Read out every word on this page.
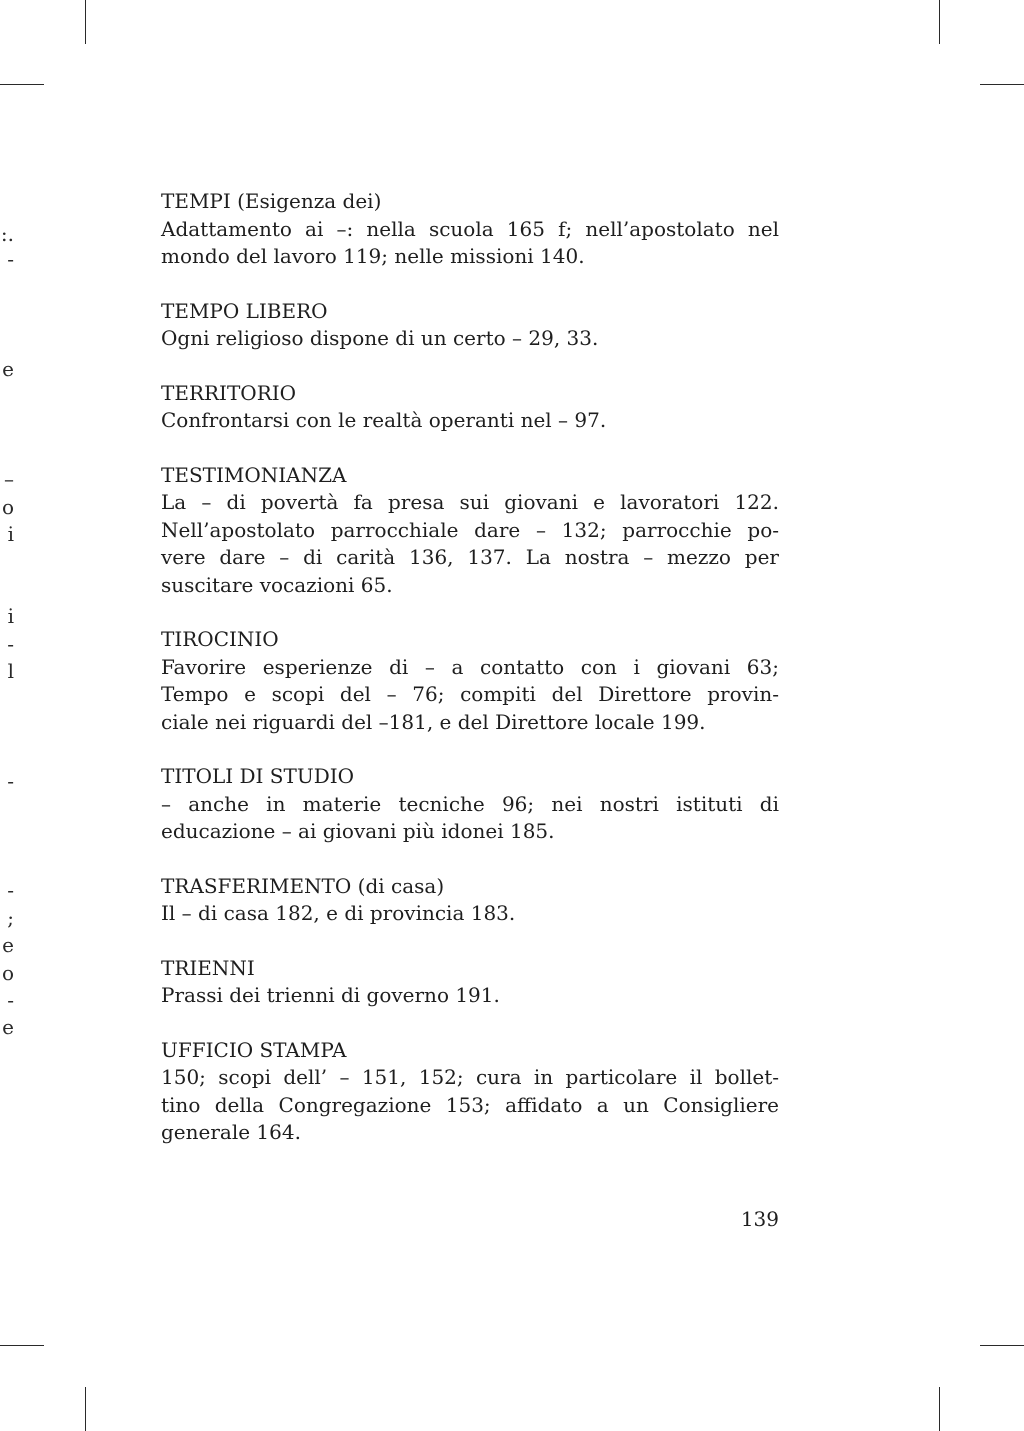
:.
-
e
–
o
i
i
-
l
-
-
;
e
o
-
e
TEMPI (Esigenza dei)
Adattamento ai –: nella scuola 165 f; nell’apostolato nel
mondo del lavoro 119; nelle missioni 140.
TEMPO LIBERO
Ogni religioso dispone di un certo – 29, 33.
TERRITORIO
Confrontarsi con le realtà operanti nel – 97.
TESTIMONIANZA
La – di povertà fa presa sui giovani e lavoratori 122.
Nell’apostolato parrocchiale dare – 132; parrocchie po-
vere dare – di carità 136, 137. La nostra – mezzo per
suscitare vocazioni 65.
TIROCINIO
Favorire esperienze di – a contatto con i giovani 63;
Tempo e scopi del – 76; compiti del Direttore provin-
ciale nei riguardi del –181, e del Direttore locale 199.
TITOLI DI STUDIO
– anche in materie tecniche 96; nei nostri istituti di
educazione – ai giovani più idonei 185.
TRASFERIMENTO (di casa)
Il – di casa 182, e di provincia 183.
TRIENNI
Prassi dei trienni di governo 191.
UFFICIO STAMPA
150; scopi dell’ – 151, 152; cura in particolare il bollet-
tino della Congregazione 153; affidato a un Consigliere
generale 164.
139
